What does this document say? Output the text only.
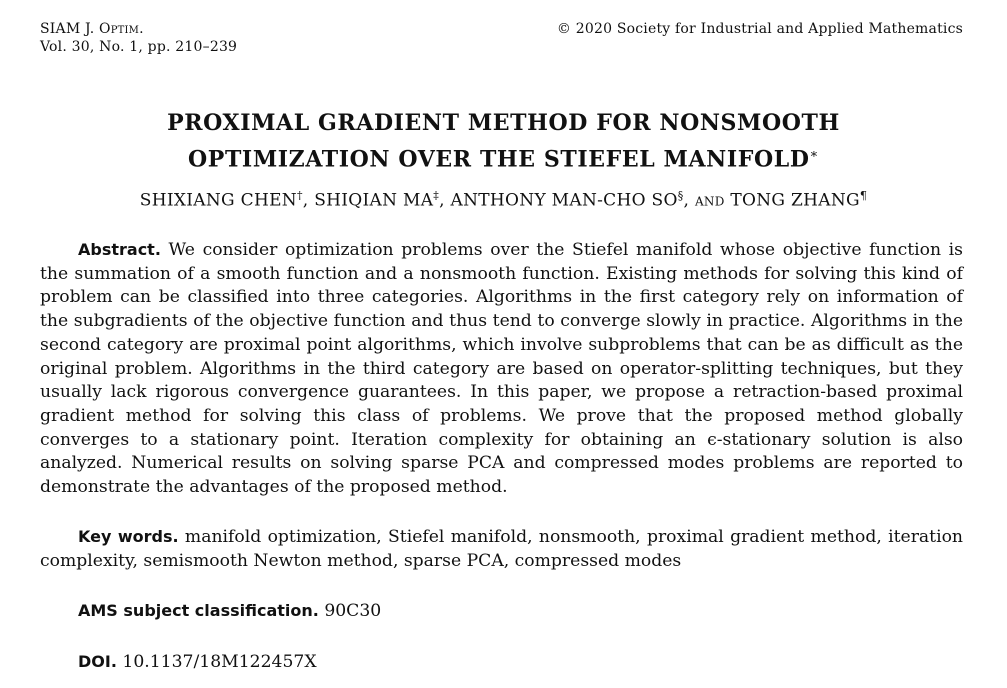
SIAM J. Optim.
Vol. 30, No. 1, pp. 210–239
© 2020 Society for Industrial and Applied Mathematics
PROXIMAL GRADIENT METHOD FOR NONSMOOTH
OPTIMIZATION OVER THE STIEFEL MANIFOLD∗
SHIXIANG CHEN†, SHIQIAN MA‡, ANTHONY MAN-CHO SO§, and TONG ZHANG¶

Abstract. We consider optimization problems over the Stiefel manifold whose objective function is the summation of a smooth function and a nonsmooth function. Existing methods for solving this kind of problem can be classified into three categories. Algorithms in the first category rely on information of the subgradients of the objective function and thus tend to converge slowly in practice. Algorithms in the second category are proximal point algorithms, which involve subproblems that can be as difficult as the original problem. Algorithms in the third category are based on operator-splitting techniques, but they usually lack rigorous convergence guarantees. In this paper, we propose a retraction-based proximal gradient method for solving this class of problems. We prove that the proposed method globally converges to a stationary point. Iteration complexity for obtaining an ϵ-stationary solution is also analyzed. Numerical results on solving sparse PCA and compressed modes problems are reported to demonstrate the advantages of the proposed method.

Key words. manifold optimization, Stiefel manifold, nonsmooth, proximal gradient method, iteration complexity, semismooth Newton method, sparse PCA, compressed modes

AMS subject classification. 90C30
DOI. 10.1137/18M122457X
